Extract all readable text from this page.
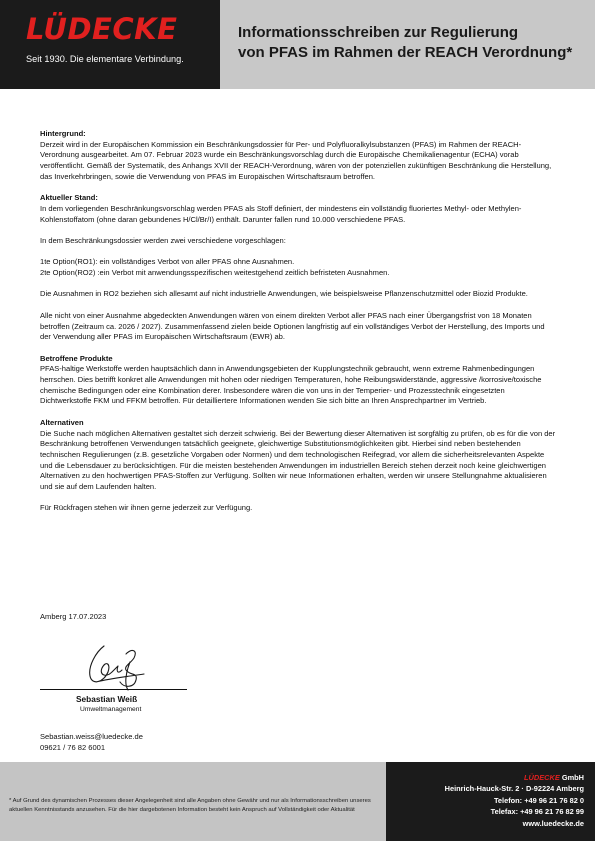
LÜDECKE
Seit 1930. Die elementare Verbindung.
Informationsschreiben zur Regulierung
von PFAS im Rahmen der REACH Verordnung*
Hintergrund:

Derzeit wird in der Europäischen Kommission ein Beschränkungsdossier für Per- und Polyfluoralkylsubstanzen (PFAS) im Rahmen der REACH-Verordnung ausgearbeitet. Am 07. Februar 2023 wurde ein Beschränkungsvorschlag durch die Europäische Chemikalienagentur (ECHA) vorab veröffentlicht. Gemäß der Systematik, des Anhangs XVII der REACH-Verordnung, wären von der potenziellen zukünftigen Beschränkung die Herstellung, das Inverkehrbringen, sowie die Verwendung von PFAS im Europäischen Wirtschaftsraum betroffen.

Aktueller Stand:

In dem vorliegenden Beschränkungsvorschlag werden PFAS als Stoff definiert, der mindestens ein vollständig fluoriertes Methyl- oder Methylen- Kohlenstoffatom (ohne daran gebundenes H/Cl/Br/I) enthält. Darunter fallen rund 10.000 verschiedene PFAS.

In dem Beschränkungsdossier werden zwei verschiedene vorgeschlagen:

1te Option(RO1): ein vollständiges Verbot von aller PFAS ohne Ausnahmen.

2te Option(RO2) :ein Verbot mit anwendungsspezifischen weitestgehend zeitlich befristeten Ausnahmen.

Die Ausnahmen in RO2 beziehen sich allesamt auf nicht industrielle Anwendungen, wie beispielsweise Pflanzenschutzmittel oder Biozid Produkte.

Alle nicht von einer Ausnahme abgedeckten Anwendungen wären von einem direkten Verbot aller PFAS nach einer Übergangsfrist von 18 Monaten betroffen (Zeitraum ca. 2026 / 2027). Zusammenfassend zielen beide Optionen langfristig auf ein vollständiges Verbot der Herstellung, des Imports und der Verwendung aller PFAS im Europäischen Wirtschaftsraum (EWR) ab.

Betroffene Produkte

PFAS-haltige Werkstoffe werden hauptsächlich dann in Anwendungsgebieten der Kupplungstechnik gebraucht, wenn extreme Rahmenbedingungen herrschen. Dies betrifft konkret alle Anwendungen mit hohen oder niedrigen Temperaturen, hohe Reibungswiderstände, aggressive /korrosive/toxische chemische Bedingungen oder eine Kombination derer. Insbesondere wären die von uns in der Temperier- und Prozesstechnik eingesetzten Dichtwerkstoffe FKM und FFKM betroffen. Für detailliertere Informationen wenden Sie sich bitte an Ihren Ansprechpartner im Vertrieb.

Alternativen

Die Suche nach möglichen Alternativen gestaltet sich derzeit schwierig. Bei der Bewertung dieser Alternativen ist sorgfältig zu prüfen, ob es für die von der Beschränkung betroffenen Verwendungen tatsächlich geeignete, gleichwertige Substitutionsmöglichkeiten gibt. Hierbei sind neben bestehenden technischen Regulierungen (z.B. gesetzliche Vorgaben oder Normen) und dem technologischen Reifegrad, vor allem die sicherheitsrelevanten Aspekte und die Lebensdauer zu berücksichtigen. Für die meisten bestehenden Anwendungen im industriellen Bereich stehen derzeit noch keine gleichwertigen Alternativen zu den hochwertigen PFAS-Stoffen zur Verfügung. Sollten wir neue Informationen erhalten, werden wir unsere Stellungnahme aktualisieren und sie auf dem Laufenden halten.

Für Rückfragen stehen wir ihnen gerne jederzeit zur Verfügung.

Amberg 17.07.2023
Sebastian Weiß
Umweltmanagement
Sebastian.weiss@luedecke.de
09621 / 76 82 6001
* Auf Grund des dynamischen Prozesses dieser Angelegenheit sind alle Angaben ohne Gewähr und nur als Informationsschreiben unseres aktuellen Kenntnisstands anzusehen. Für die hier dargebotenen Information besteht kein Anspruch auf Vollständigkeit oder Aktualität
LÜDECKE GmbH
Heinrich-Hauck-Str. 2 · D-92224 Amberg
Telefon: +49 96 21 76 82 0
Telefax: +49 96 21 76 82 99
www.luedecke.de
